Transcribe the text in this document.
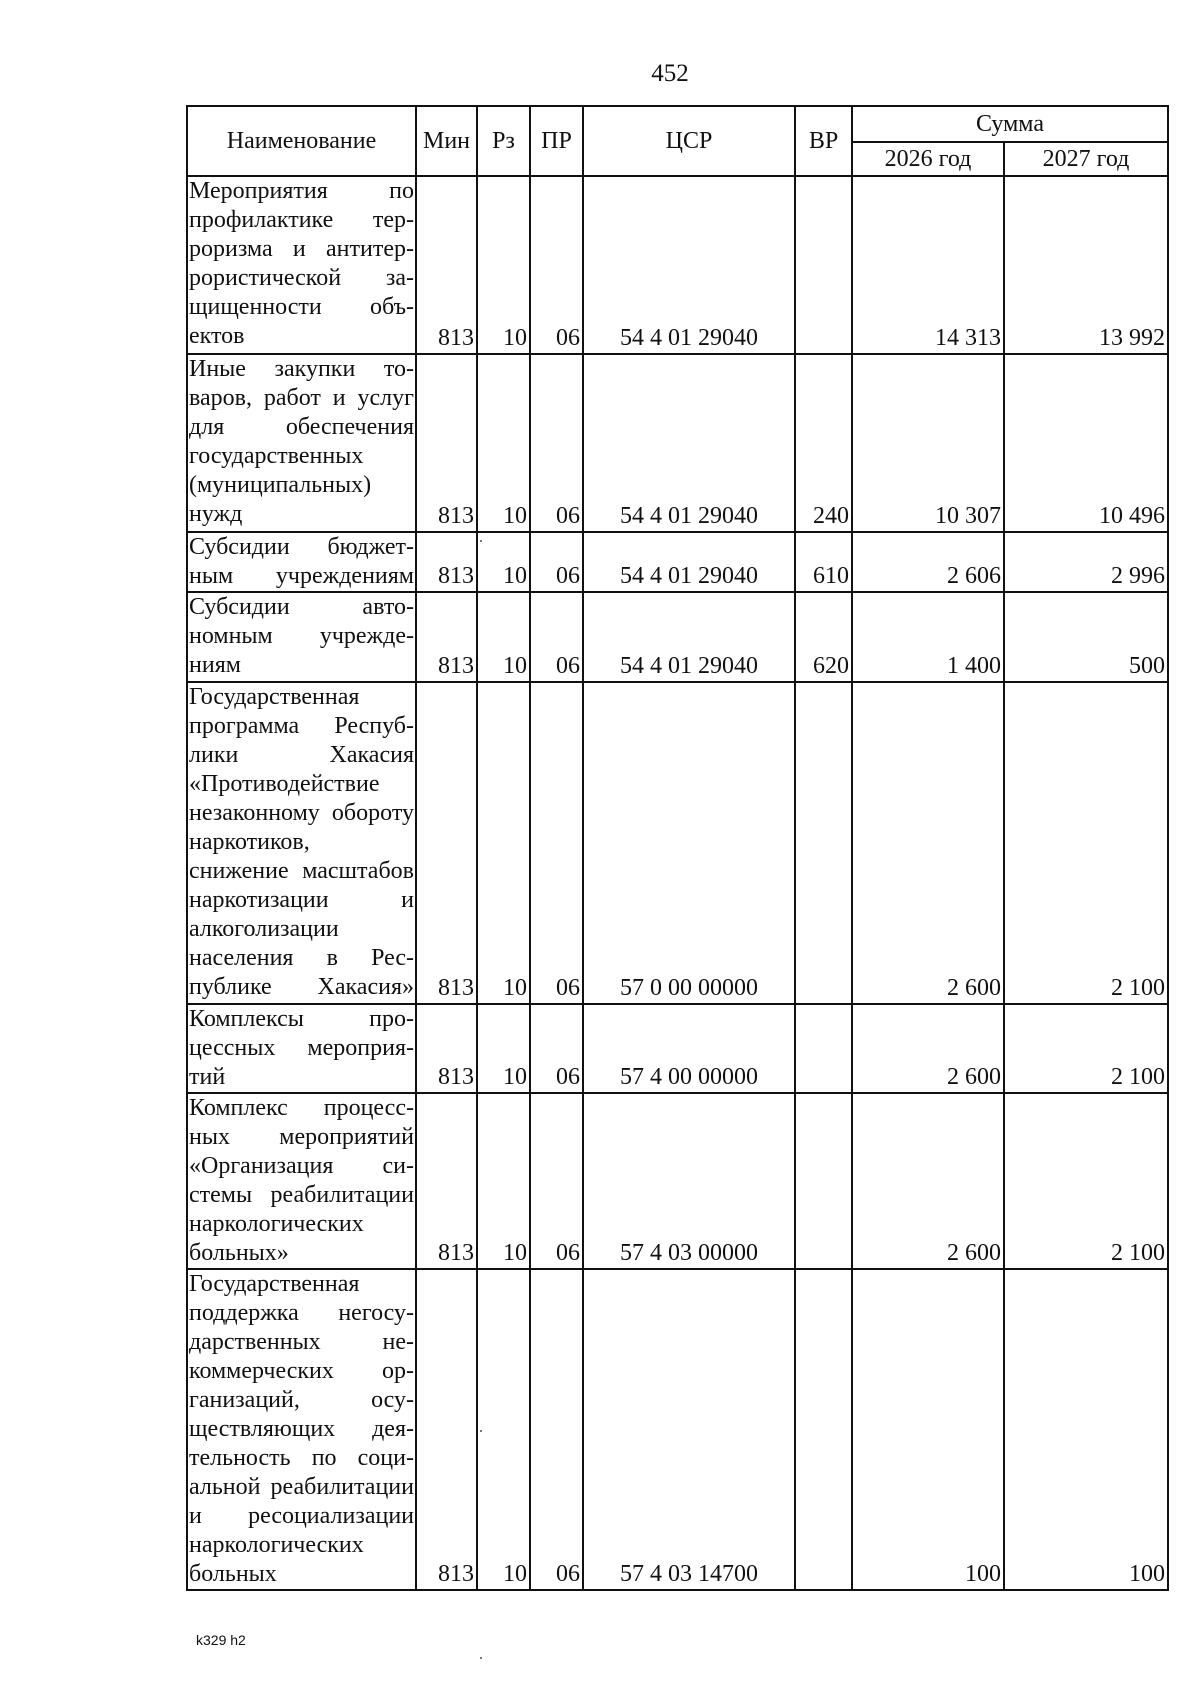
452
Наименование	Мин	Рз	ПР	ЦСР	ВР	Сумма	
						2026 год	2027 год
Мероприятия по профилактике терроризма и антитеррористической защищенности объектов	813	10	06	54 4 01 29040		14 313	13 992
Иные закупки товаров, работ и услуг для обеспечения государственных (муниципальных) нужд	813	10	06	54 4 01 29040	240	10 307	10 496
Субсидии бюджетным учреждениям	813	10	06	54 4 01 29040	610	2 606	2 996
Субсидии автономным учреждениям	813	10	06	54 4 01 29040	620	1 400	500
Государственная программа Республики Хакасия «Противодействие незаконному обороту наркотиков, снижение масштабов наркотизации и алкоголизации населения в Республике Хакасия»	813	10	06	57 0 00 00000		2 600	2 100
Комплексы процессных мероприятий	813	10	06	57 4 00 00000		2 600	2 100
Комплекс процессных мероприятий «Организация системы реабилитации наркологических больных»	813	10	06	57 4 03 00000		2 600	2 100
Государственная поддержка негосударственных некоммерческих организаций, осуществляющих деятельность по социальной реабилитации и ресоциализации наркологических больных	813	10	06	57 4 03 14700		100	100
k329 h2
